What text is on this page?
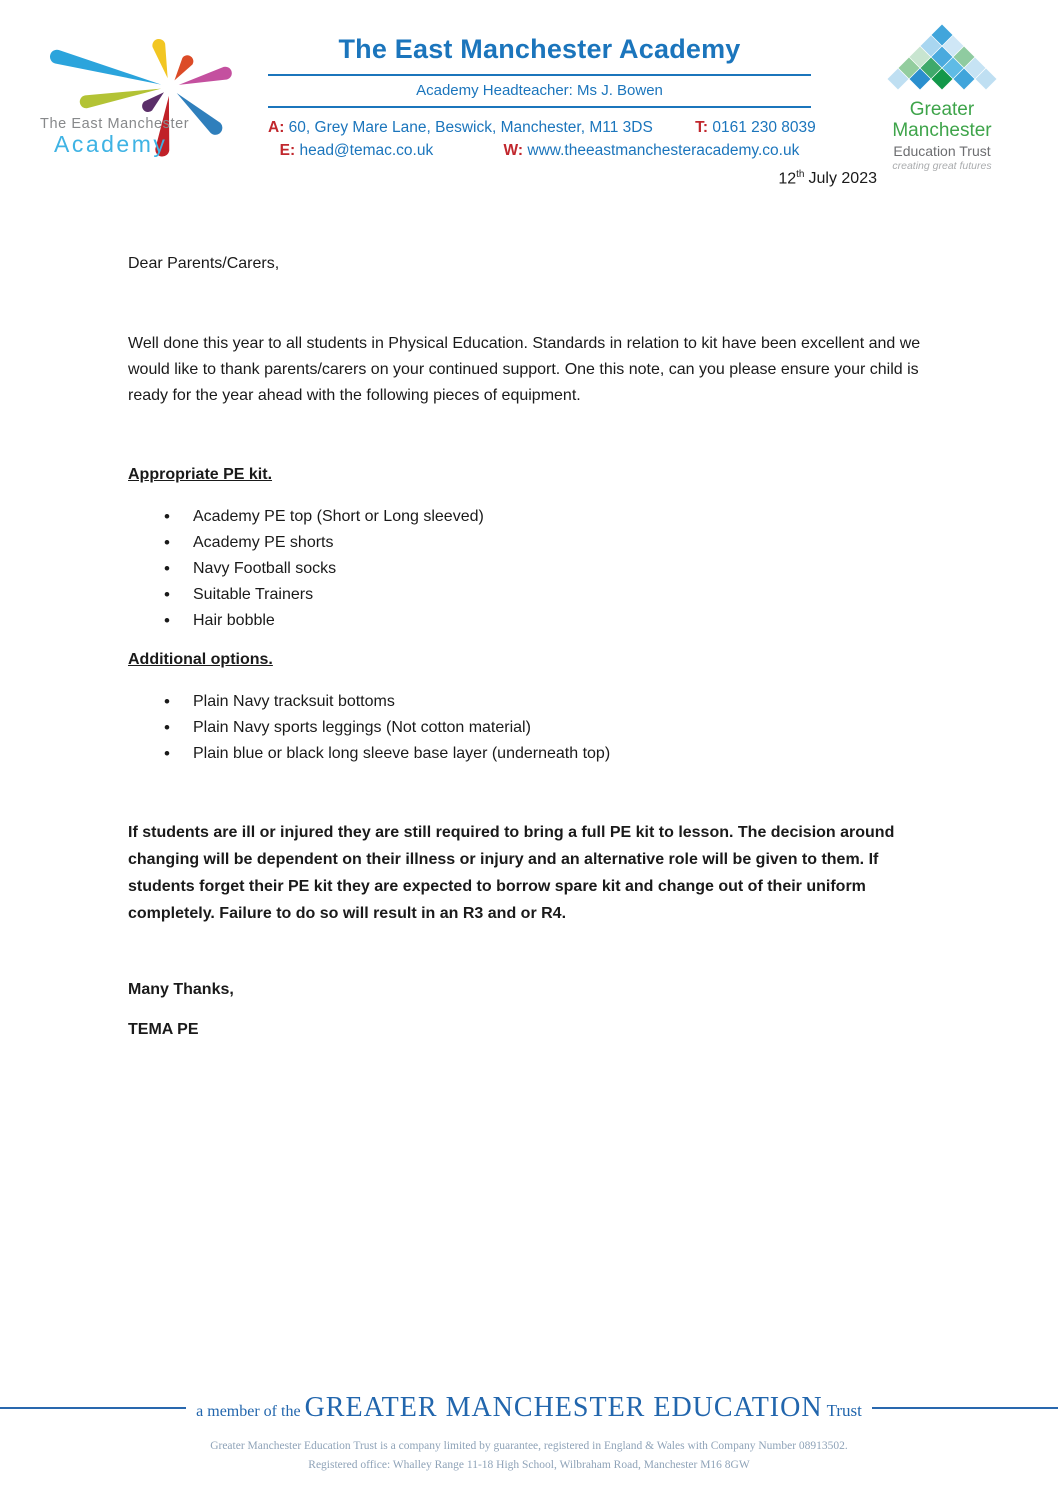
The East Manchester
Academy
The East Manchester Academy
Academy Headteacher: Ms J. Bowen
A: 60, Grey Mare Lane, Beswick, Manchester, M11 3DS	T: 0161 230 8039
E: head@temac.co.uk	W: www.theeastmanchesteracademy.co.uk
Greater
Manchester
Education Trust
creating great futures
12th July 2023

Dear Parents/Carers,

Well done this year to all students in Physical Education. Standards in relation to kit have been excellent and we would like to thank parents/carers on your continued support. One this note, can you please ensure your child is ready for the year ahead with the following pieces of equipment.

Appropriate PE kit.

• Academy PE top (Short or Long sleeved)
• Academy PE shorts
• Navy Football socks
• Suitable Trainers
• Hair bobble

Additional options.

• Plain Navy tracksuit bottoms
• Plain Navy sports leggings (Not cotton material)
• Plain blue or black long sleeve base layer (underneath top)

If students are ill or injured they are still required to bring a full PE kit to lesson. The decision around changing will be dependent on their illness or injury and an alternative role will be given to them. If students forget their PE kit they are expected to borrow spare kit and change out of their uniform completely. Failure to do so will result in an R3 and or R4.

Many Thanks,

TEMA PE

a member of the GREATER MANCHESTER EDUCATION Trust
Greater Manchester Education Trust is a company limited by guarantee, registered in England & Wales with Company Number 08913502.
Registered office: Whalley Range 11-18 High School, Wilbraham Road, Manchester M16 8GW
